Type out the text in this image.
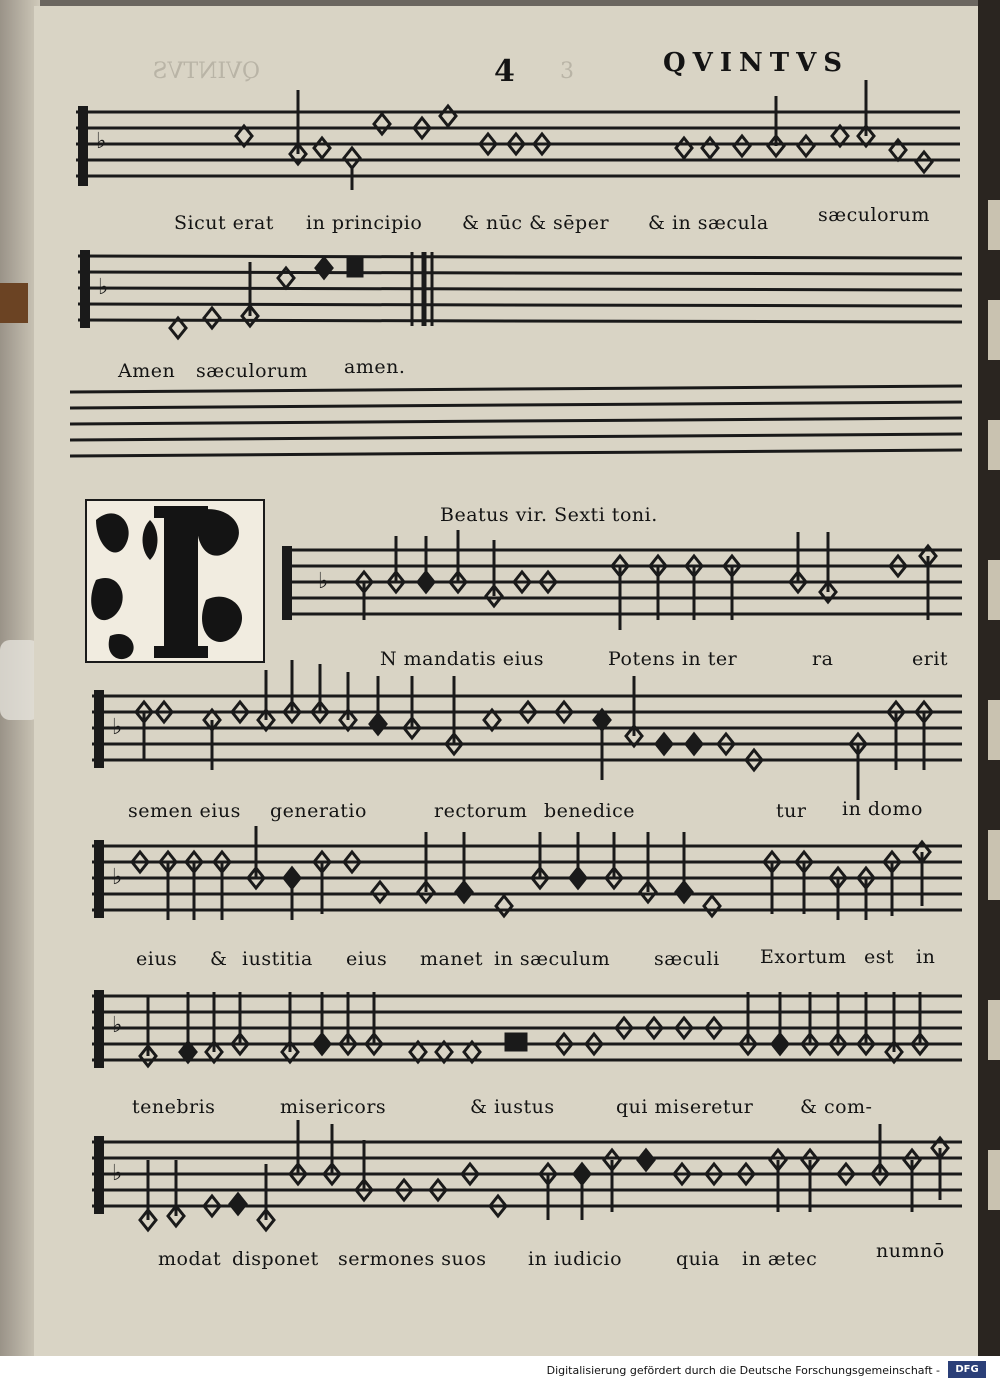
QVINTVS	3
♭
♭
♭
♭
♭
♭
♭
4	QVINTVS
Beatus vir. Sexti toni.
Sicut erat in principio & nūc & sēper & in sæcula	sæculorum
Amen sæculorum amen.
N mandatis eius	Potens in ter	ra	erit
semen eius generatio	rectorum benedice	tur in domo
eius & iustitia eius manet in sæculum sæculi Exortum est in
tenebris	misericors	& iustus	qui miseretur & com-
modat disponet sermones suos in iudicio	quia in ætec	numnō
Digitalisierung gefördert durch die Deutsche Forschungsgemeinschaft -	DFG
